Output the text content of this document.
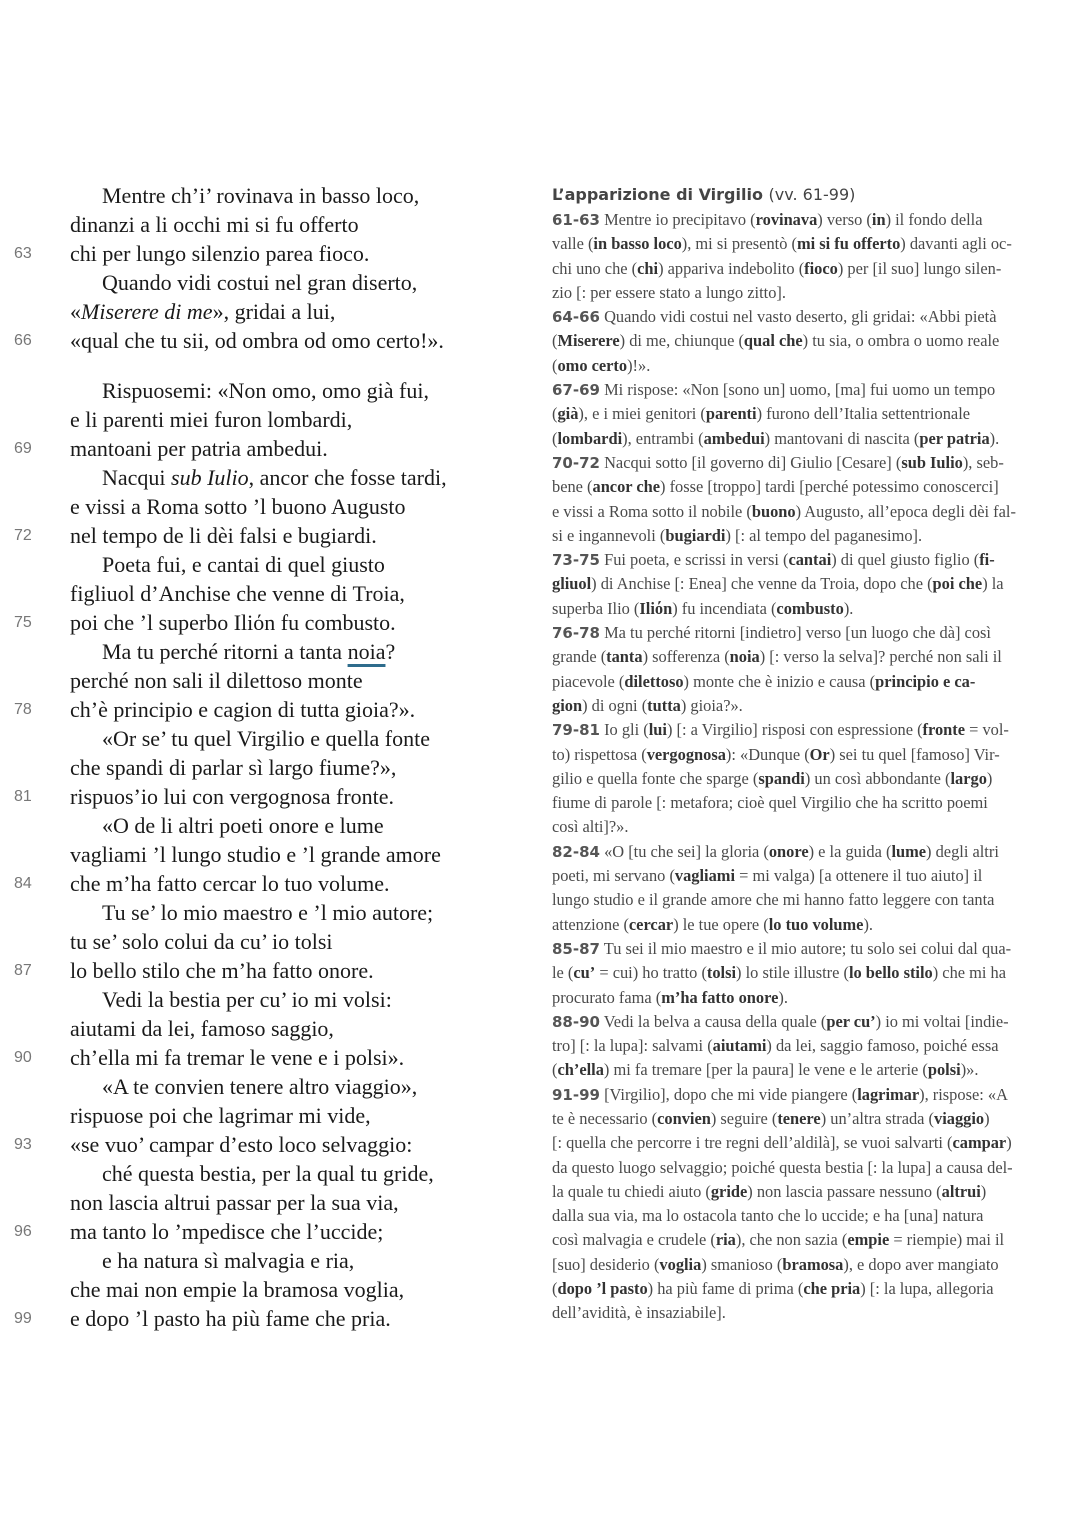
Mentre ch’i’ rovinava in basso loco,
dinanzi a li occhi mi si fu offerto
63	chi per lungo silenzio parea fioco.
Quando vidi costui nel gran diserto,
«Miserere di me», gridai a lui,
66	«qual che tu sii, od ombra od omo certo!».
Rispuosemi: «Non omo, omo già fui,
e li parenti miei furon lombardi,
69	mantoani per patria ambedui.
Nacqui sub Iulio, ancor che fosse tardi,
e vissi a Roma sotto ’l buono Augusto
72	nel tempo de li dèi falsi e bugiardi.
Poeta fui, e cantai di quel giusto
figliuol d’Anchise che venne di Troia,
75	poi che ’l superbo Iliόn fu combusto.
Ma tu perché ritorni a tanta noia?
perché non sali il dilettoso monte
78	ch’è principio e cagion di tutta gioia?».
«Or se’ tu quel Virgilio e quella fonte
che spandi di parlar sì largo fiume?»,
81	rispuos’io lui con vergognosa fronte.
«O de li altri poeti onore e lume
vagliami ’l lungo studio e ’l grande amore
84	che m’ha fatto cercar lo tuo volume.
Tu se’ lo mio maestro e ’l mio autore;
tu se’ solo colui da cu’ io tolsi
87	lo bello stilo che m’ha fatto onore.
Vedi la bestia per cu’ io mi volsi:
aiutami da lei, famoso saggio,
90	ch’ella mi fa tremar le vene e i polsi».
«A te convien tenere altro viaggio»,
rispuose poi che lagrimar mi vide,
93	«se vuo’ campar d’esto loco selvaggio:
ché questa bestia, per la qual tu gride,
non lascia altrui passar per la sua via,
96	ma tanto lo ’mpedisce che l’uccide;
e ha natura sì malvagia e ria,
che mai non empie la bramosa voglia,
99	e dopo ’l pasto ha più fame che pria.
L’apparizione di Virgilio (vv. 61-99)
61-63 Mentre io precipitavo (rovinava) verso (in) il fondo della
valle (in basso loco), mi si presentò (mi si fu offerto) davanti agli oc-
chi uno che (chi) appariva indebolito (fioco) per [il suo] lungo silen-
zio [: per essere stato a lungo zitto].
64-66 Quando vidi costui nel vasto deserto, gli gridai: «Abbi pietà
(Miserere) di me, chiunque (qual che) tu sia, o ombra o uomo reale
(omo certo)!».
67-69 Mi rispose: «Non [sono un] uomo, [ma] fui uomo un tempo
(già), e i miei genitori (parenti) furono dell’Italia settentrionale
(lombardi), entrambi (ambedui) mantovani di nascita (per patria).
70-72 Nacqui sotto [il governo di] Giulio [Cesare] (sub Iulio), seb-
bene (ancor che) fosse [troppo] tardi [perché potessimo conoscerci]
e vissi a Roma sotto il nobile (buono) Augusto, all’epoca degli dèi fal-
si e ingannevoli (bugiardi) [: al tempo del paganesimo].
73-75 Fui poeta, e scrissi in versi (cantai) di quel giusto figlio (fi-
gliuol) di Anchise [: Enea] che venne da Troia, dopo che (poi che) la
superba Ilio (Iliόn) fu incendiata (combusto).
76-78 Ma tu perché ritorni [indietro] verso [un luogo che dà] così
grande (tanta) sofferenza (noia) [: verso la selva]? perché non sali il
piacevole (dilettoso) monte che è inizio e causa (principio e ca-
gion) di ogni (tutta) gioia?».
79-81 Io gli (lui) [: a Virgilio] risposi con espressione (fronte = vol-
to) rispettosa (vergognosa): «Dunque (Or) sei tu quel [famoso] Vir-
gilio e quella fonte che sparge (spandi) un così abbondante (largo)
fiume di parole [: metafora; cioè quel Virgilio che ha scritto poemi
così alti]?».
82-84 «O [tu che sei] la gloria (onore) e la guida (lume) degli altri
poeti, mi servano (vagliami = mi valga) [a ottenere il tuo aiuto] il
lungo studio e il grande amore che mi hanno fatto leggere con tanta
attenzione (cercar) le tue opere (lo tuo volume).
85-87 Tu sei il mio maestro e il mio autore; tu solo sei colui dal qua-
le (cu’ = cui) ho tratto (tolsi) lo stile illustre (lo bello stilo) che mi ha
procurato fama (m’ha fatto onore).
88-90 Vedi la belva a causa della quale (per cu’) io mi voltai [indie-
tro] [: la lupa]: salvami (aiutami) da lei, saggio famoso, poiché essa
(ch’ella) mi fa tremare [per la paura] le vene e le arterie (polsi)».
91-99 [Virgilio], dopo che mi vide piangere (lagrimar), rispose: «A
te è necessario (convien) seguire (tenere) un’altra strada (viaggio)
[: quella che percorre i tre regni dell’aldilà], se vuoi salvarti (campar)
da questo luogo selvaggio; poiché questa bestia [: la lupa] a causa del-
la quale tu chiedi aiuto (gride) non lascia passare nessuno (altrui)
dalla sua via, ma lo ostacola tanto che lo uccide; e ha [una] natura
così malvagia e crudele (ria), che non sazia (empie = riempie) mai il
[suo] desiderio (voglia) smanioso (bramosa), e dopo aver mangiato
(dopo ’l pasto) ha più fame di prima (che pria) [: la lupa, allegoria
dell’avidità, è insaziabile].
